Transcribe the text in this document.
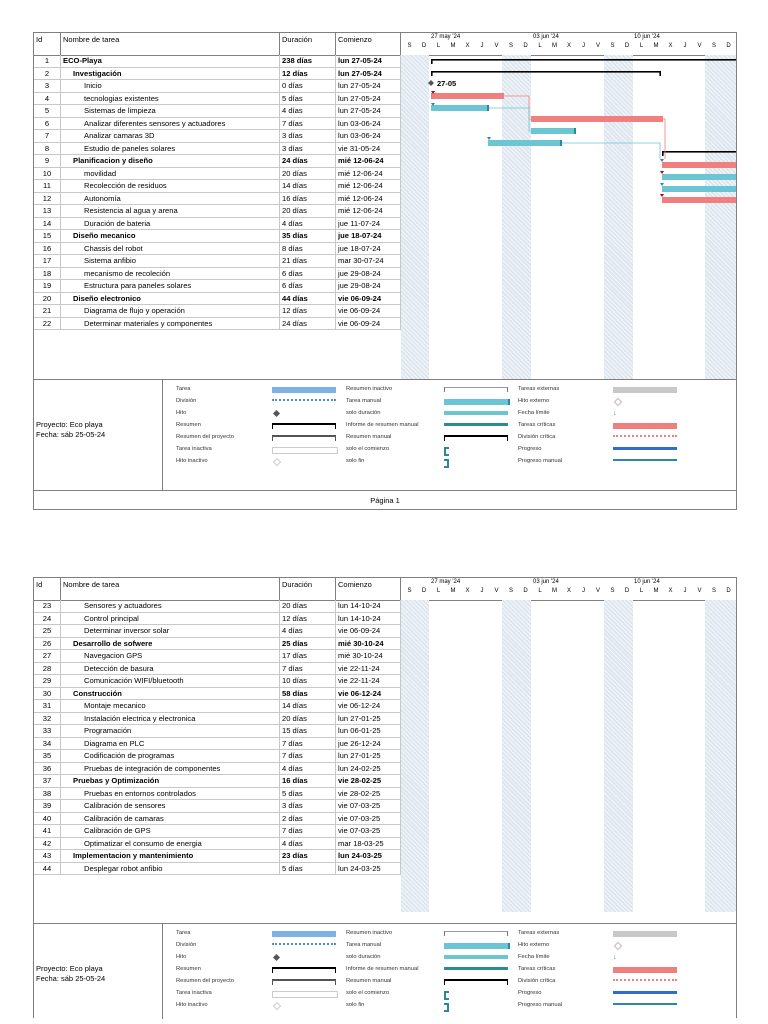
Id	Nombre de tarea	Duración	Comienzo	27 may '24	03 jun '24	10 jun '24
S	D	L	M	X	J	V	S	D	L	M	X	J	V	S	D	L	M	X	J	V	S	D
1	ECO-Playa	238 días	lun 27-05-24
2	Investigación	12 días	lun 27-05-24
3	Inicio	0 días	lun 27-05-24
4	tecnologias existentes	5 días	lun 27-05-24
5	Sistemas de limpieza	4 días	lun 27-05-24
6	Analizar diferentes sensores y actuadores	7 días	lun 03-06-24
7	Analizar camaras 3D	3 días	lun 03-06-24
8	Estudio de paneles solares	3 días	vie 31-05-24
9	Planificacion y diseño	24 días	mié 12-06-24
10	movilidad	20 días	mié 12-06-24
11	Recolección de residuos	14 días	mié 12-06-24
12	Autonomía	16 días	mié 12-06-24
13	Resistencia al agua y arena	20 días	mié 12-06-24
14	Duración de bateria	4 días	jue 11-07-24
15	Diseño mecanico	35 días	jue 18-07-24
16	Chassis del robot	8 días	jue 18-07-24
17	Sistema anfibio	21 días	mar 30-07-24
18	mecanismo de recoleción	6 días	jue 29-08-24
19	Estructura para paneles solares	6 días	jue 29-08-24
20	Diseño electronico	44 días	vie 06-09-24
21	Diagrama de flujo y operación	12 días	vie 06-09-24
22	Determinar materiales y componentes	24 días	vie 06-09-24
27-05
Proyecto: Eco playa
Fecha: sáb 25-05-24
Tarea
División
Hito
Resumen
Resumen del proyecto
Tarea inactiva
Hito inactivo
Resumen inactivo
Tarea manual
solo duración
Informe de resumen manual
Resumen manual
solo el comienzo
solo fin
Tareas externas
Hito externo
Fecha límite	↓
Tareas críticas
División crítica
Progreso
Progreso manual
Página 1
Id	Nombre de tarea	Duración	Comienzo	27 may '24	03 jun '24	10 jun '24
S	D	L	M	X	J	V	S	D	L	M	X	J	V	S	D	L	M	X	J	V	S	D
23	Sensores y actuadores	20 días	lun 14-10-24
24	Control principal	12 días	lun 14-10-24
25	Determinar inversor solar	4 días	vie 06-09-24
26	Desarrollo de sofwere	25 días	mié 30-10-24
27	Navegacion GPS	17 días	mié 30-10-24
28	Detección de basura	7 días	vie 22-11-24
29	Comunicación WIFI/bluetooth	10 días	vie 22-11-24
30	Construcción	58 días	vie 06-12-24
31	Montaje mecanico	14 días	vie 06-12-24
32	Instalación electrica y electronica	20 días	lun 27-01-25
33	Programación	15 días	lun 06-01-25
34	Diagrama en PLC	7 días	jue 26-12-24
35	Codificación de programas	7 días	lun 27-01-25
36	Pruebas de integración de componentes	4 días	lun 24-02-25
37	Pruebas y Optimización	16 días	vie 28-02-25
38	Pruebas en entornos controlados	5 días	vie 28-02-25
39	Calibración de sensores	3 días	vie 07-03-25
40	Calibración de camaras	2 días	vie 07-03-25
41	Calibración de GPS	7 días	vie 07-03-25
42	Optimatizar el consumo de energia	4 días	mar 18-03-25
43	Implementacion y mantenimiento	23 días	lun 24-03-25
44	Desplegar robot anfibio	5 días	lun 24-03-25
Proyecto: Eco playa
Fecha: sáb 25-05-24
Tarea
División
Hito
Resumen
Resumen del proyecto
Tarea inactiva
Hito inactivo
Resumen inactivo
Tarea manual
solo duración
Informe de resumen manual
Resumen manual
solo el comienzo
solo fin
Tareas externas
Hito externo
Fecha límite	↓
Tareas críticas
División crítica
Progreso
Progreso manual
